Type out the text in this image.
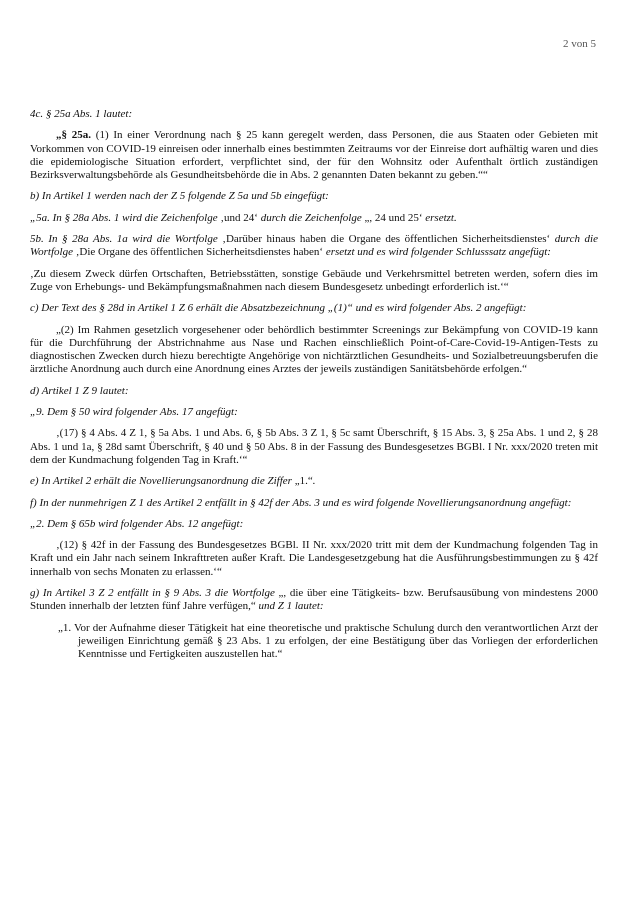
2 von 5

4c. § 25a Abs. 1 lautet:

„§ 25a. (1) In einer Verordnung nach § 25 kann geregelt werden, dass Personen, die aus Staaten oder Gebieten mit Vorkommen von COVID-19 einreisen oder innerhalb eines bestimmten Zeitraums vor der Einreise dort aufhältig waren und dies die epidemiologische Situation erfordert, verpflichtet sind, der für den Wohnsitz oder Aufenthalt örtlich zuständigen Bezirksverwaltungsbehörde als Gesundheitsbehörde die in Abs. 2 genannten Daten bekannt zu geben.““

b) In Artikel 1 werden nach der Z 5 folgende Z 5a und 5b eingefügt:

„5a. In § 28a Abs. 1 wird die Zeichenfolge ‚und 24‘ durch die Zeichenfolge „, 24 und 25‘ ersetzt.

5b. In § 28a Abs. 1a wird die Wortfolge ‚Darüber hinaus haben die Organe des öffentlichen Sicherheitsdienstes‘ durch die Wortfolge ‚Die Organe des öffentlichen Sicherheitsdienstes haben‘ ersetzt und es wird folgender Schlusssatz angefügt:

‚Zu diesem Zweck dürfen Ortschaften, Betriebsstätten, sonstige Gebäude und Verkehrsmittel betreten werden, sofern dies im Zuge von Erhebungs- und Bekämpfungsmaßnahmen nach diesem Bundesgesetz unbedingt erforderlich ist.‘“

c) Der Text des § 28d in Artikel 1 Z 6 erhält die Absatzbezeichnung „(1)“ und es wird folgender Abs. 2 angefügt:

„(2) Im Rahmen gesetzlich vorgesehener oder behördlich bestimmter Screenings zur Bekämpfung von COVID-19 kann für die Durchführung der Abstrichnahme aus Nase und Rachen einschließlich Point-of-Care-Covid-19-Antigen-Tests zu diagnostischen Zwecken durch hiezu berechtigte Angehörige von nichtärztlichen Gesundheits- und Sozialbetreuungsberufen die ärztliche Anordnung auch durch eine Anordnung eines Arztes der jeweils zuständigen Sanitätsbehörde erfolgen.“

d) Artikel 1 Z 9 lautet:

„9. Dem § 50 wird folgender Abs. 17 angefügt:

‚(17) § 4 Abs. 4 Z 1, § 5a Abs. 1 und Abs. 6, § 5b Abs. 3 Z 1, § 5c samt Überschrift, § 15 Abs. 3, § 25a Abs. 1 und 2, § 28 Abs. 1 und 1a, § 28d samt Überschrift, § 40 und § 50 Abs. 8 in der Fassung des Bundesgesetzes BGBl. I Nr. xxx/2020 treten mit dem der Kundmachung folgenden Tag in Kraft.‘“

e) In Artikel 2 erhält die Novellierungsanordnung die Ziffer „1.“.

f) In der nunmehrigen Z 1 des Artikel 2 entfällt in § 42f der Abs. 3 und es wird folgende Novellierungsanordnung angefügt:

„2. Dem § 65b wird folgender Abs. 12 angefügt:

‚(12) § 42f in der Fassung des Bundesgesetzes BGBl. II Nr. xxx/2020 tritt mit dem der Kundmachung folgenden Tag in Kraft und ein Jahr nach seinem Inkrafttreten außer Kraft. Die Landesgesetzgebung hat die Ausführungsbestimmungen zu § 42f innerhalb von sechs Monaten zu erlassen.‘“

g) In Artikel 3 Z 2 entfällt in § 9 Abs. 3 die Wortfolge „, die über eine Tätigkeits- bzw. Berufsausübung von mindestens 2000 Stunden innerhalb der letzten fünf Jahre verfügen,“ und Z 1 lautet:

„1. Vor der Aufnahme dieser Tätigkeit hat eine theoretische und praktische Schulung durch den verantwortlichen Arzt der jeweiligen Einrichtung gemäß § 23 Abs. 1 zu erfolgen, der eine Bestätigung über das Vorliegen der erforderlichen Kenntnisse und Fertigkeiten auszustellen hat.“
